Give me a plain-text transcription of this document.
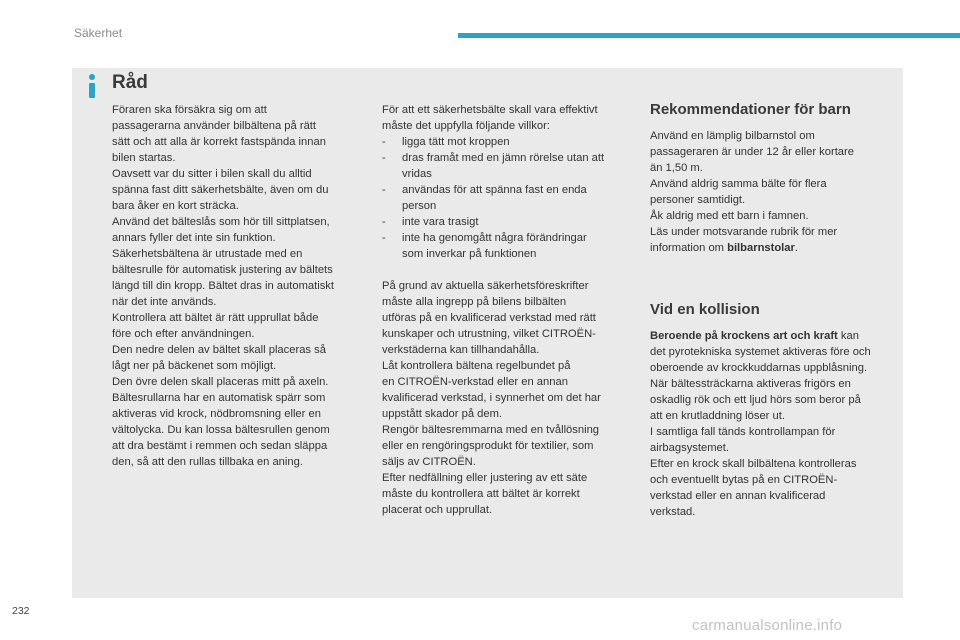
Säkerhet
Råd

Föraren ska försäkra sig om att

passagerarna använder bilbältena på rätt

sätt och att alla är korrekt fastspända innan

bilen startas.

Oavsett var du sitter i bilen skall du alltid

spänna fast ditt säkerhetsbälte, även om du

bara åker en kort sträcka.

Använd det bälteslås som hör till sittplatsen,

annars fyller det inte sin funktion.

Säkerhetsbältena är utrustade med en

bältesrulle för automatisk justering av bältets

längd till din kropp. Bältet dras in automatiskt

när det inte används.

Kontrollera att bältet är rätt upprullat både

före och efter användningen.

Den nedre delen av bältet skall placeras så

lågt ner på bäckenet som möjligt.

Den övre delen skall placeras mitt på axeln.

Bältesrullarna har en automatisk spärr som

aktiveras vid krock, nödbromsning eller en

vältolycka. Du kan lossa bältesrullen genom

att dra bestämt i remmen och sedan släppa

den, så att den rullas tillbaka en aning.

För att ett säkerhetsbälte skall vara effektivt

måste det uppfylla följande villkor:

- ligga tätt mot kroppen
- dras framåt med en jämn rörelse utan att
vridas
- användas för att spänna fast en enda
person
- inte vara trasigt
- inte ha genomgått några förändringar
som inverkar på funktionen

På grund av aktuella säkerhetsföreskrifter

måste alla ingrepp på bilens bilbälten

utföras på en kvalificerad verkstad med rätt

kunskaper och utrustning, vilket CITROËN-

verkstäderna kan tillhandahålla.

Låt kontrollera bältena regelbundet på

en CITROËN-verkstad eller en annan

kvalificerad verkstad, i synnerhet om det har

uppstått skador på dem.

Rengör bältesremmarna med en tvållösning

eller en rengöringsprodukt för textilier, som

säljs av CITROËN.

Efter nedfällning eller justering av ett säte

måste du kontrollera att bältet är korrekt

placerat och upprullat.

Rekommendationer för barn

Använd en lämplig bilbarnstol om

passageraren är under 12 år eller kortare

än 1,50 m.

Använd aldrig samma bälte för flera

personer samtidigt.

Åk aldrig med ett barn i famnen.

Läs under motsvarande rubrik för mer

information om bilbarnstolar.

Vid en kollision

Beroende på krockens art och kraft kan

det pyrotekniska systemet aktiveras före och

oberoende av krockkuddarnas uppblåsning.

När bältessträckarna aktiveras frigörs en

oskadlig rök och ett ljud hörs som beror på

att en krutladdning löser ut.

I samtliga fall tänds kontrollampan för

airbagsystemet.

Efter en krock skall bilbältena kontrolleras

och eventuellt bytas på en CITROËN-

verkstad eller en annan kvalificerad

verkstad.

232
carmanualsonline.info
